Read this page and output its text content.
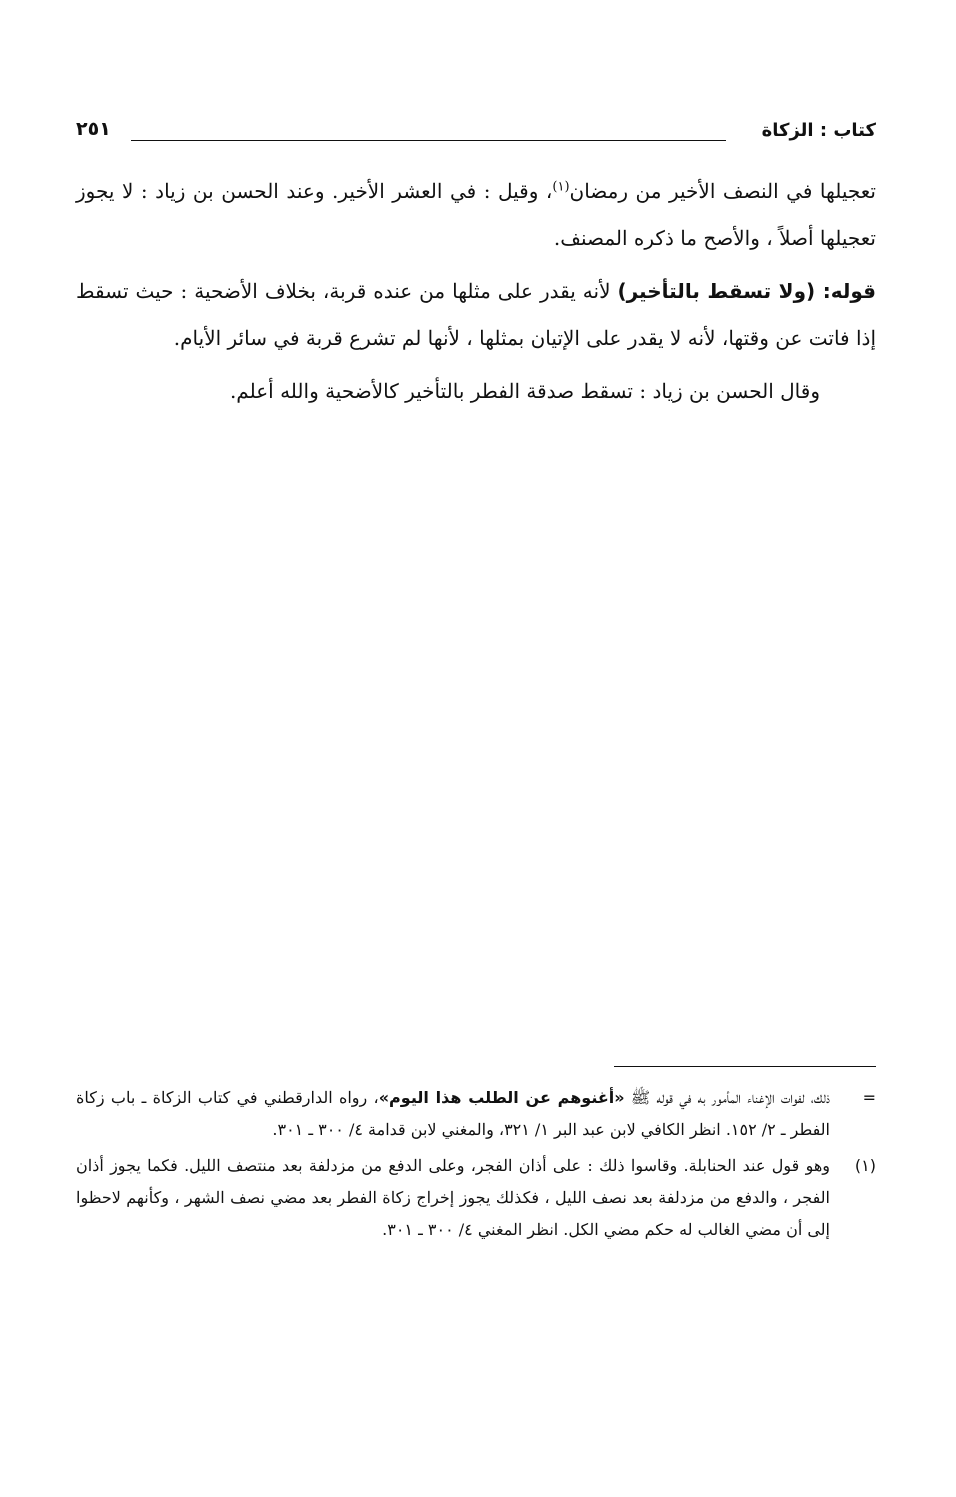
كتاب : الزكاة
٢٥١

تعجيلها في النصف الأخير من رمضان$^{(١)}$، وقيل : في العشر الأخير. وعند الحسن بن زياد : لا يجوز تعجيلها أصلاً ، والأصح ما ذكره المصنف.

قوله: (ولا تسقط بالتأخير) لأنه يقدر على مثلها من عنده قربة، بخلاف الأضحية : حيث تسقط إذا فاتت عن وقتها، لأنه لا يقدر على الإتيان بمثلها ، لأنها لم تشرع قربة في سائر الأيام.

وقال الحسن بن زياد : تسقط صدقة الفطر بالتأخير كالأضحية والله أعلم.

=
ذلك، لفوات الإغناء المأمور به في قوله ﷺ «أغنوهم عن الطلب هذا اليوم»، رواه الدارقطني في كتاب الزكاة ـ باب زكاة الفطر ـ ٢/ ١٥٢. انظر الكافي لابن عبد البر ١/ ٣٢١، والمغني لابن قدامة ٤/ ٣٠٠ ـ ٣٠١.
(١)
وهو قول عند الحنابلة. وقاسوا ذلك : على أذان الفجر، وعلى الدفع من مزدلفة بعد منتصف الليل. فكما يجوز أذان الفجر ، والدفع من مزدلفة بعد نصف الليل ، فكذلك يجوز إخراج زكاة الفطر بعد مضي نصف الشهر ، وكأنهم لاحظوا إلى أن مضي الغالب له حكم مضي الكل. انظر المغني ٤/ ٣٠٠ ـ ٣٠١.
